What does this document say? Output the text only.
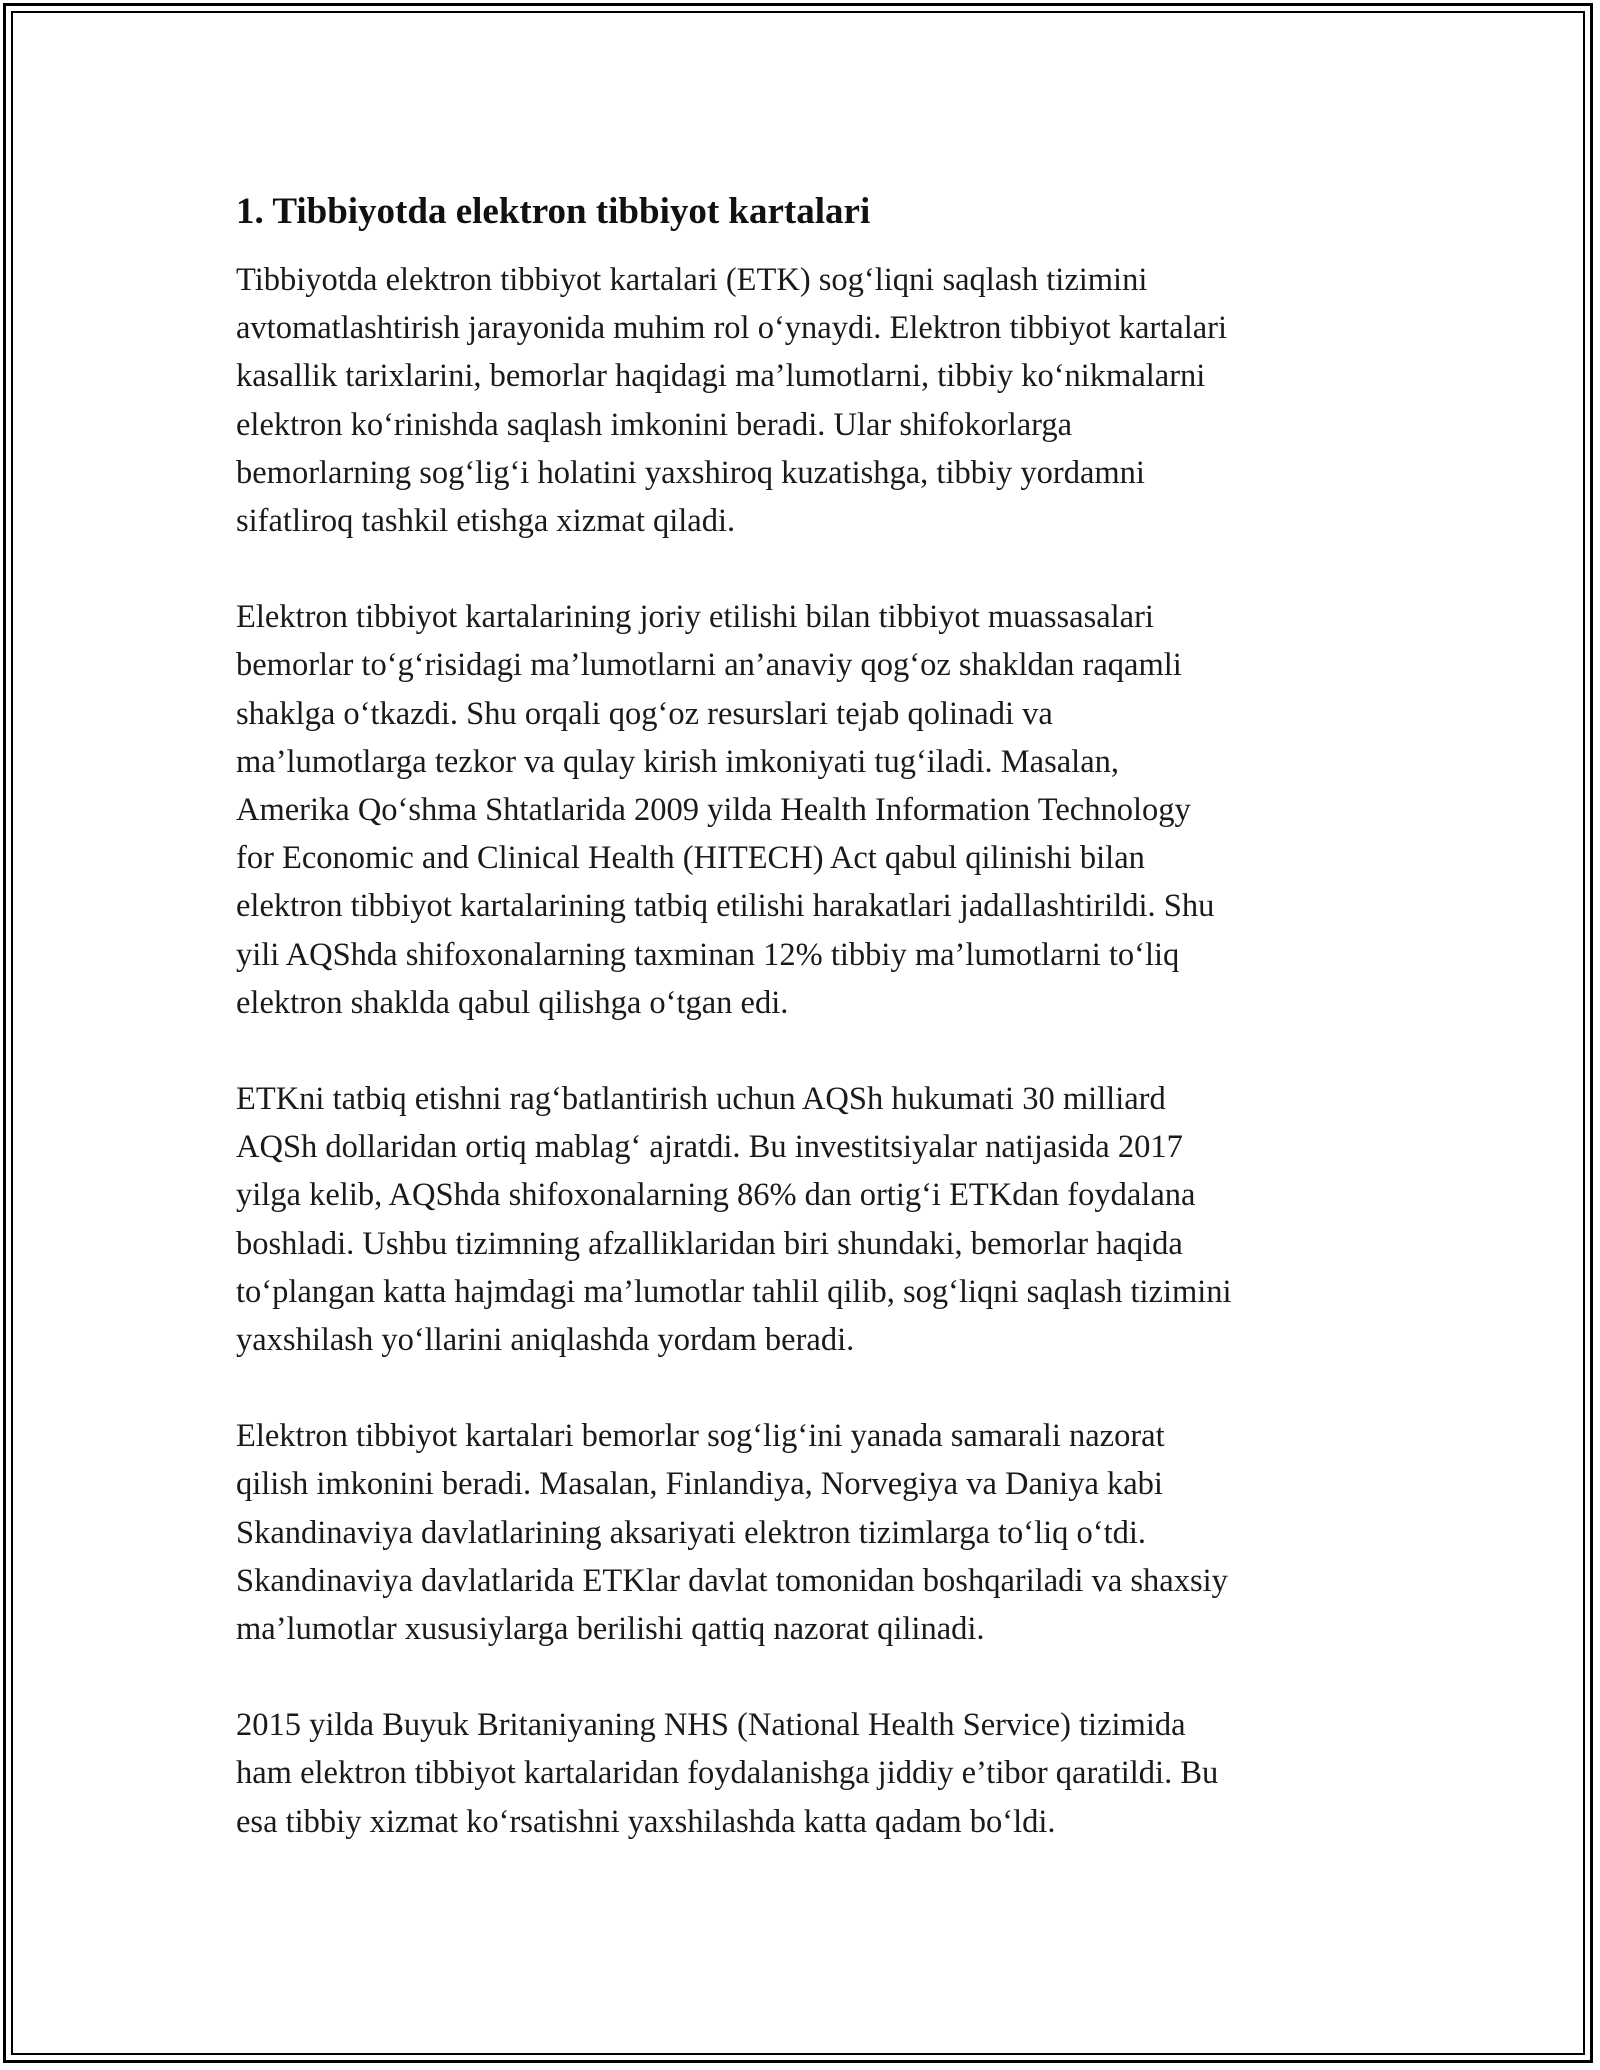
1. Tibbiyotda elektron tibbiyot kartalari

Tibbiyotda elektron tibbiyot kartalari (ETK) sog‘liqni saqlash tizimini
avtomatlashtirish jarayonida muhim rol o‘ynaydi. Elektron tibbiyot kartalari
kasallik tarixlarini, bemorlar haqidagi ma’lumotlarni, tibbiy ko‘nikmalarni
elektron ko‘rinishda saqlash imkonini beradi. Ular shifokorlarga
bemorlarning sog‘lig‘i holatini yaxshiroq kuzatishga, tibbiy yordamni
sifatliroq tashkil etishga xizmat qiladi.

Elektron tibbiyot kartalarining joriy etilishi bilan tibbiyot muassasalari
bemorlar to‘g‘risidagi ma’lumotlarni an’anaviy qog‘oz shakldan raqamli
shaklga o‘tkazdi. Shu orqali qog‘oz resurslari tejab qolinadi va
ma’lumotlarga tezkor va qulay kirish imkoniyati tug‘iladi. Masalan,
Amerika Qo‘shma Shtatlarida 2009 yilda Health Information Technology
for Economic and Clinical Health (HITECH) Act qabul qilinishi bilan
elektron tibbiyot kartalarining tatbiq etilishi harakatlari jadallashtirildi. Shu
yili AQShda shifoxonalarning taxminan 12% tibbiy ma’lumotlarni to‘liq
elektron shaklda qabul qilishga o‘tgan edi.

ETKni tatbiq etishni rag‘batlantirish uchun AQSh hukumati 30 milliard
AQSh dollaridan ortiq mablag‘ ajratdi. Bu investitsiyalar natijasida 2017
yilga kelib, AQShda shifoxonalarning 86% dan ortig‘i ETKdan foydalana
boshladi. Ushbu tizimning afzalliklaridan biri shundaki, bemorlar haqida
to‘plangan katta hajmdagi ma’lumotlar tahlil qilib, sog‘liqni saqlash tizimini
yaxshilash yo‘llarini aniqlashda yordam beradi.

Elektron tibbiyot kartalari bemorlar sog‘lig‘ini yanada samarali nazorat
qilish imkonini beradi. Masalan, Finlandiya, Norvegiya va Daniya kabi
Skandinaviya davlatlarining aksariyati elektron tizimlarga to‘liq o‘tdi.
Skandinaviya davlatlarida ETKlar davlat tomonidan boshqariladi va shaxsiy
ma’lumotlar xususiylarga berilishi qattiq nazorat qilinadi.

2015 yilda Buyuk Britaniyaning NHS (National Health Service) tizimida
ham elektron tibbiyot kartalaridan foydalanishga jiddiy e’tibor qaratildi. Bu
esa tibbiy xizmat ko‘rsatishni yaxshilashda katta qadam bo‘ldi.
